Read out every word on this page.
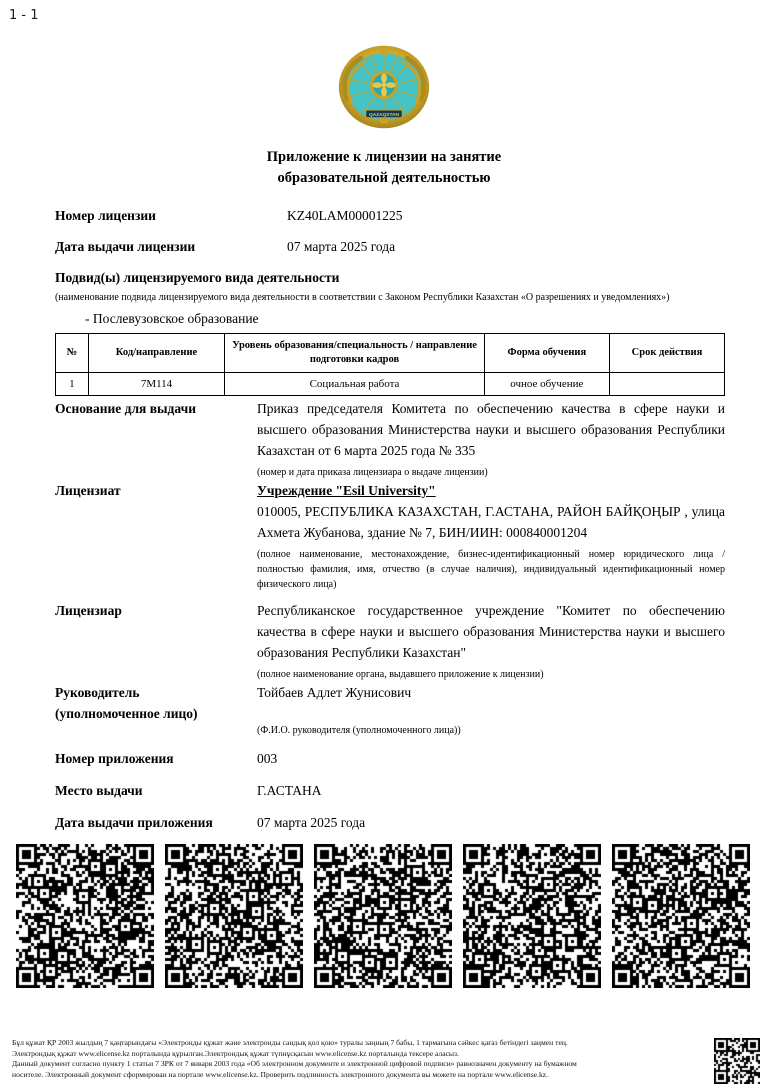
1 - 1
QAZAQSTAN
Приложение к лицензии на занятие
образовательной деятельностью
Номер лицензии	KZ40LAM00001225
Дата выдачи лицензии	07 марта 2025 года
Подвид(ы) лицензируемого вида деятельности
(наименование подвида лицензируемого вида деятельности в соответствии с Законом Республики Казахстан «О разрешениях и уведомлениях»)
- Послевузовское образование
№	Код/направление	Уровень образования/специальность / направление подготовки кадров	Форма обучения	Срок действия
1	7М114	Социальная работа	очное обучение	
Основание для выдачи	Приказ председателя Комитета по обеспечению качества в сфере науки и высшего образования Министерства науки и высшего образования Республики Казахстан от 6 марта 2025 года № 335
(номер и дата приказа лицензиара о выдаче лицензии)
Лицензиат	Учреждение "Esil University"
010005, РЕСПУБЛИКА КАЗАХСТАН, Г.АСТАНА, РАЙОН БАЙҚОҢЫР , улица Ахмета Жубанова, здание № 7, БИН/ИИН: 000840001204
(полное наименование, местонахождение, бизнес-идентификационный номер юридического лица / полностью фамилия, имя, отчество (в случае наличия), индивидуальный идентификационный номер физического лица)
Лицензиар	Республиканское государственное учреждение "Комитет по обеспечению качества в сфере науки и высшего образования Министерства науки и высшего образования Республики Казахстан"
(полное наименование органа, выдавшего приложение к лицензии)
Руководитель
(уполномоченное лицо)
Тойбаев Адлет Жунисович
(Ф.И.О. руководителя (уполномоченного лица))
Номер приложения	003
Место выдачи	Г.АСТАНА
Дата выдачи приложения	07 марта 2025 года
Бұл құжат ҚР 2003 жылдың 7 қаңтарындағы «Электронды құжат және электронды сандық қол қою» туралы заңның 7 бабы, 1 тармағына сәйкес қағаз бетіндегі заңмен тең.
Электрондық құжат www.elicense.kz порталында құрылған.Электрондық құжат түпнұсқасын www.elicense.kz порталында тексере аласыз.
Данный документ согласно пункту 1 статьи 7 ЗРК от 7 января 2003 года «Об электронном документе и электронной цифровой подписи» равнозначен документу на бумажном
носителе. Электронный документ сформирован на портале www.elicense.kz. Проверить подлинность электронного документа вы можете на портале www.elicense.kz.
